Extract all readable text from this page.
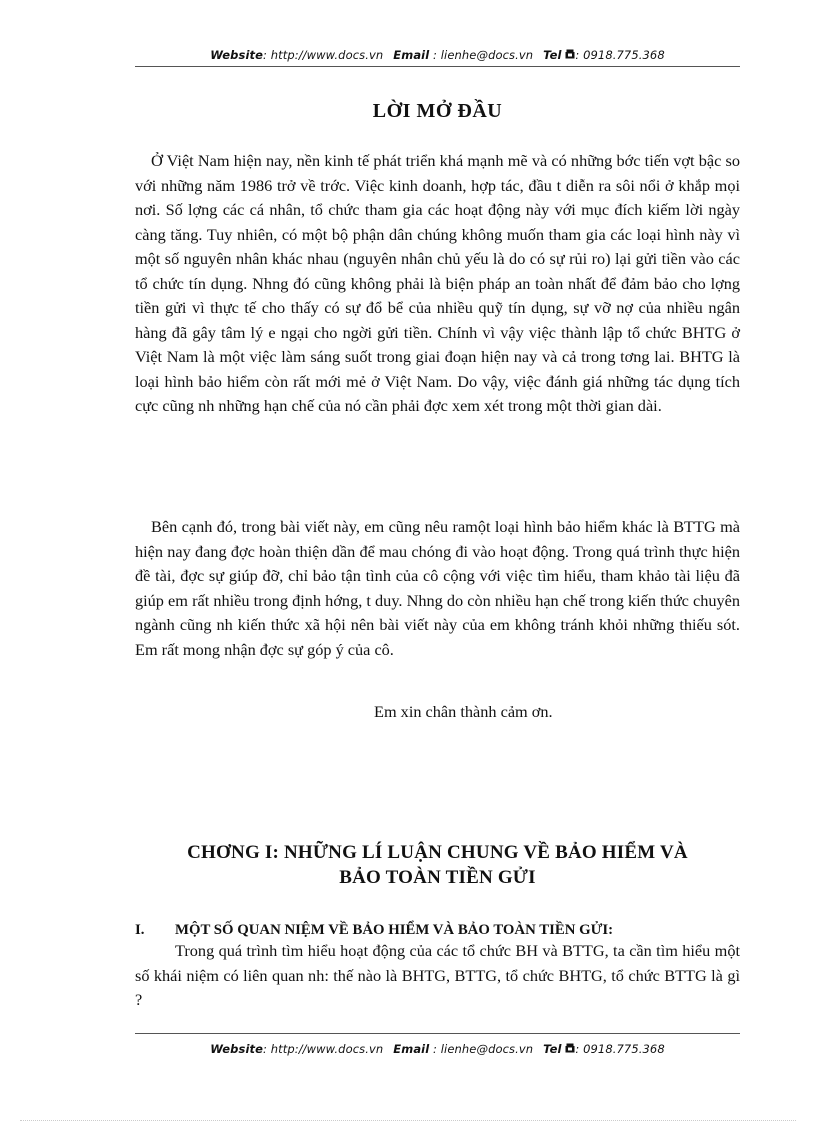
Website: http://www.docs.vn Email : lienhe@docs.vn Tel : 0918.775.368
LỜI MỞ ĐẦU

Ở Việt Nam hiện nay, nền kinh tế phát triển khá mạnh mẽ và có những bớc tiến vợt bậc so với những năm 1986 trở về trớc. Việc kinh doanh, hợp tác, đầu t diễn ra sôi nổi ở khắp mọi nơi. Số lợng các cá nhân, tổ chức tham gia các hoạt động này với mục đích kiếm lời ngày càng tăng. Tuy nhiên, có một bộ phận dân chúng không muốn tham gia các loại hình này vì một số nguyên nhân khác nhau (nguyên nhân chủ yếu là do có sự rủi ro) lại gửi tiền vào các tổ chức tín dụng. Nhng đó cũng không phải là biện pháp an toàn nhất để đảm bảo cho lợng tiền gửi vì thực tế cho thấy có sự đổ bể của nhiều quỹ tín dụng, sự vỡ nợ của nhiều ngân hàng đã gây tâm lý e ngại cho ngời gửi tiền. Chính vì vậy việc thành lập tổ chức BHTG ở Việt Nam là một việc làm sáng suốt trong giai đoạn hiện nay và cả trong tơng lai. BHTG là loại hình bảo hiểm còn rất mới mẻ ở Việt Nam. Do vậy, việc đánh giá những tác dụng tích cực cũng nh những hạn chế của nó cần phải đợc xem xét trong một thời gian dài.

Bên cạnh đó, trong bài viết này, em cũng nêu ramột loại hình bảo hiểm khác là BTTG mà hiện nay đang đợc hoàn thiện dần để mau chóng đi vào hoạt động. Trong quá trình thực hiện đề tài, đợc sự giúp đỡ, chỉ bảo tận tình của cô cộng với việc tìm hiểu, tham khảo tài liệu đã giúp em rất nhiều trong định hớng, t duy. Nhng do còn nhiều hạn chế trong kiến thức chuyên ngành cũng nh kiến thức xã hội nên bài viết này của em không tránh khỏi những thiếu sót. Em rất mong nhận đợc sự góp ý của cô.

Em xin chân thành cảm ơn.
CHƠNG I: NHỮNG LÍ LUẬN CHUNG VỀ BẢO HIỂM VÀ
BẢO TOÀN TIỀN GỬI
I. MỘT SỐ QUAN NIỆM VỀ BẢO HIỂM VÀ BẢO TOÀN TIỀN GỬI:

Trong quá trình tìm hiểu hoạt động của các tổ chức BH và BTTG, ta cần tìm hiểu một số khái niệm có liên quan nh: thế nào là BHTG, BTTG, tổ chức BHTG, tổ chức BTTG là gì ?

Website: http://www.docs.vn Email : lienhe@docs.vn Tel : 0918.775.368
